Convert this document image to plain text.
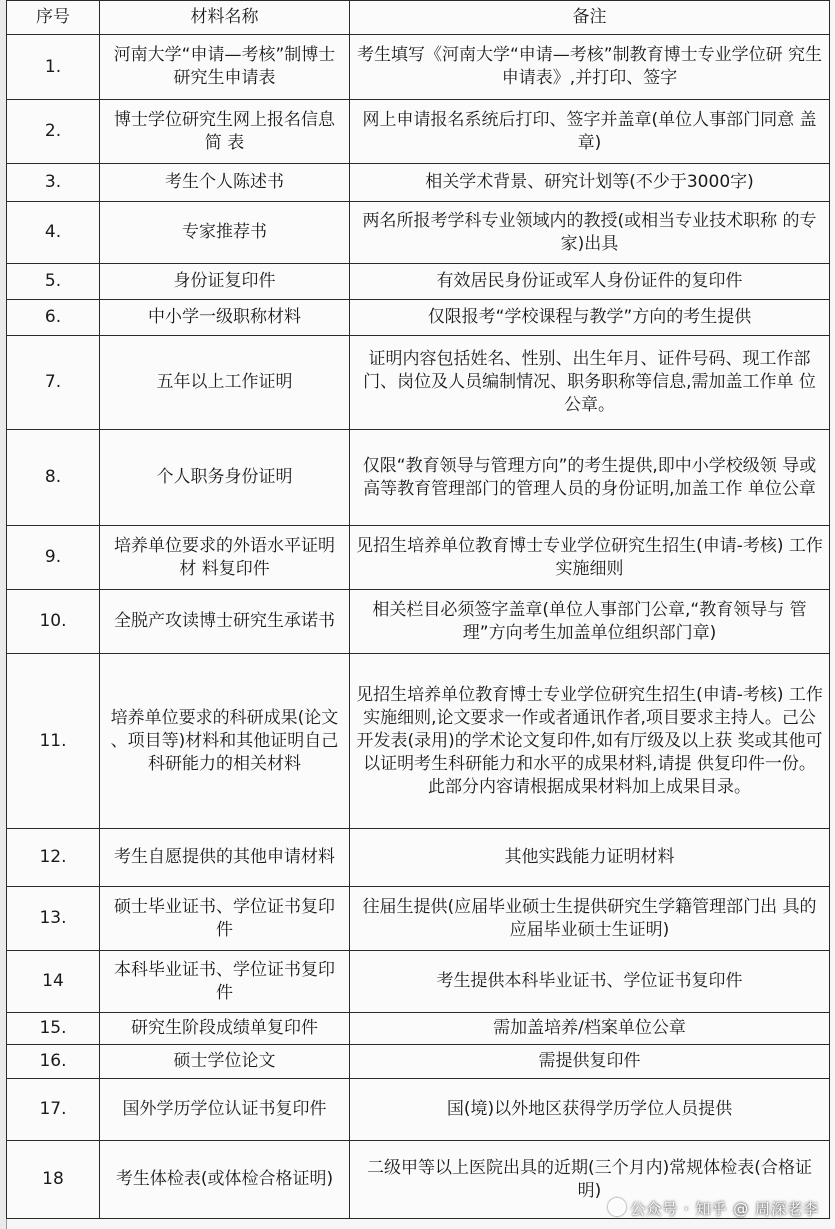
序号	材料名称	备注
1.	河南大学“申请—考核”制博士 研究生申请表	考生填写《河南大学“申请—考核”制教育博士专业学位研 究生申请表》,并打印、签字
2.	博士学位研究生网上报名信息简 表	网上申请报名系统后打印、签字并盖章(单位人事部门同意 盖章)
3.	考生个人陈述书	相关学术背景、研究计划等(不少于3000字)
4.	专家推荐书	两名所报考学科专业领域内的教授(或相当专业技术职称 的专家)出具
5.	身份证复印件	有效居民身份证或军人身份证件的复印件
6.	中小学一级职称材料	仅限报考“学校课程与教学”方向的考生提供
7.	五年以上工作证明	证明内容包括姓名、性别、出生年月、证件号码、现工作部 门、岗位及人员编制情况、职务职称等信息,需加盖工作单 位公章。
8.	个人职务身份证明	仅限“教育领导与管理方向”的考生提供,即中小学校级领 导或高等教育管理部门的管理人员的身份证明,加盖工作 单位公章
9.	培养单位要求的外语水平证明材 料复印件	见招生培养单位教育博士专业学位研究生招生(申请-考核) 工作实施细则
10.	全脱产攻读博士研究生承诺书	相关栏目必须签字盖章(单位人事部门公章,“教育领导与 管理”方向考生加盖单位组织部门章)
11.	培养单位要求的科研成果(论文 、项目等)材料和其他证明自己 科研能力的相关材料	见招生培养单位教育博士专业学位研究生招生(申请-考核) 工作实施细则,论文要求一作或者通讯作者,项目要求主持人。己公开发表(录用)的学术论文复印件,如有厅级及以上获 奖或其他可以证明考生科研能力和水平的成果材料,请提 供复印件一份。此部分内容请根据成果材料加上成果目录。
12.	考生自愿提供的其他申请材料	其他实践能力证明材料
13.	硕士毕业证书、学位证书复印件	往届生提供(应届毕业硕士生提供研究生学籍管理部门出 具的应届毕业硕士生证明)
14	本科毕业证书、学位证书复印件	考生提供本科毕业证书、学位证书复印件
15.	研究生阶段成绩单复印件	需加盖培养/档案单位公章
16.	硕士学位论文	需提供复印件
17.	国外学历学位认证书复印件	国(境)以外地区获得学历学位人员提供
18	考生体检表(或体检合格证明)	二级甲等以上医院出具的近期(三个月内)常规体检表(合格证明)
公众号 · 知乎 @ 周深老李
